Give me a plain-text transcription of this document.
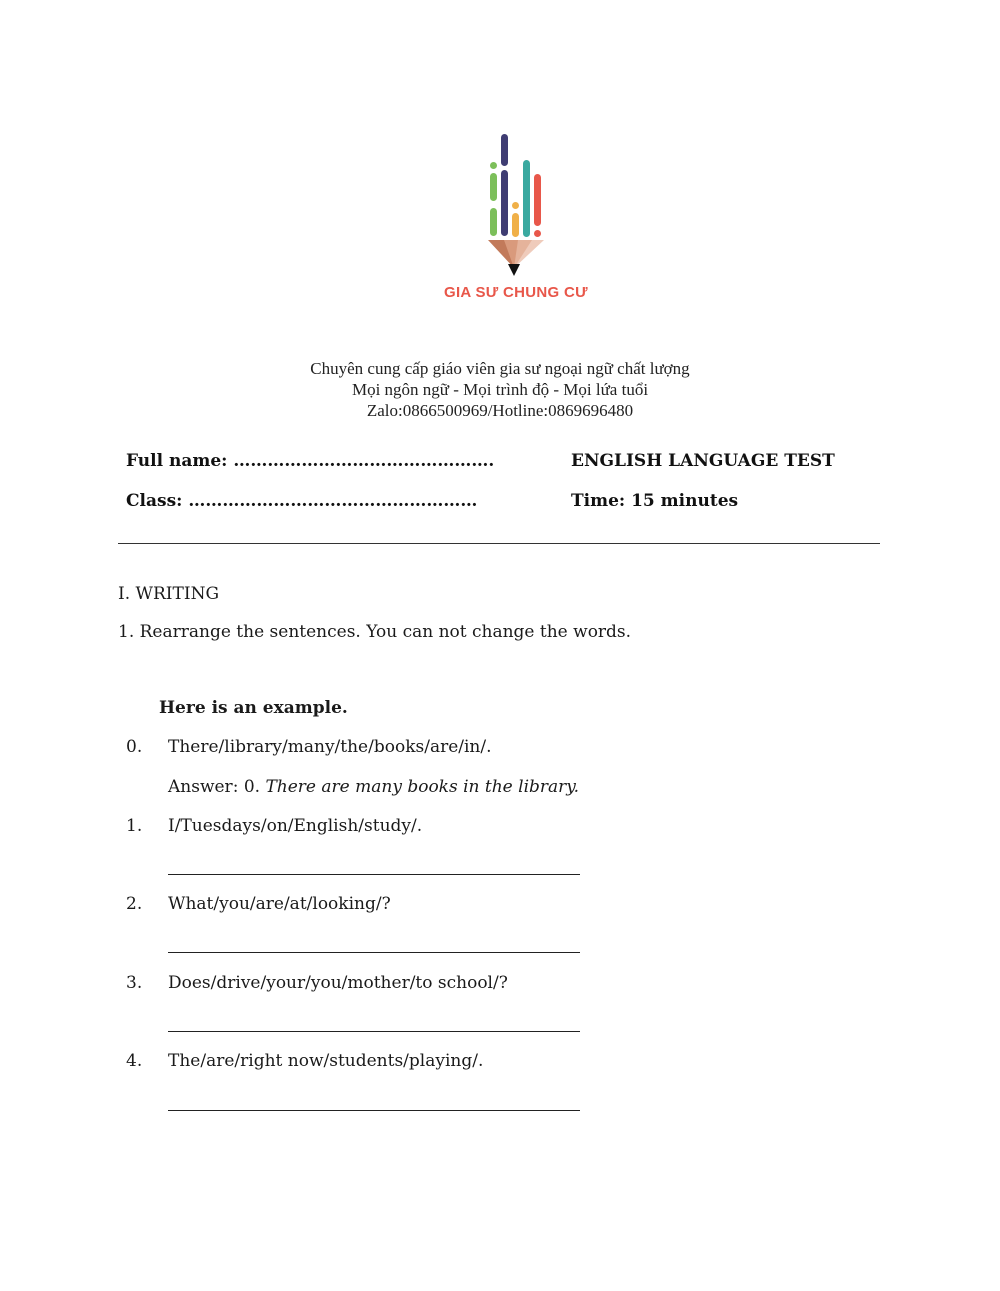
GIA SƯ CHUNG CƯ
Chuyên cung cấp giáo viên gia sư ngoại ngữ chất lượng
Mọi ngôn ngữ - Mọi trình độ - Mọi lứa tuổi
Zalo:0866500969/Hotline:0869696480
Full name: ……………………………………….
Class: ……………………………………………
ENGLISH LANGUAGE TEST
Time: 15 minutes
I. WRITING
1. Rearrange the sentences. You can not change the words.
Here is an example.
0. There/library/many/the/books/are/in/.
Answer: 0. There are many books in the library.
1. I/Tuesdays/on/English/study/.
2. What/you/are/at/looking/?
3. Does/drive/your/you/mother/to school/?
4. The/are/right now/students/playing/.
